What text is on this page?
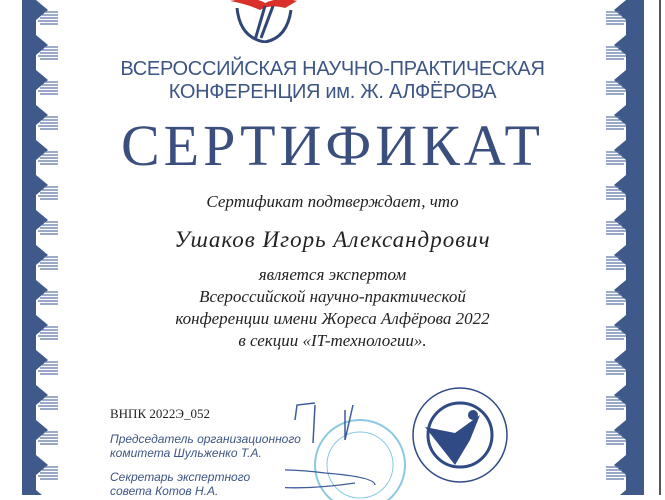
ВСЕРОССИЙСКАЯ НАУЧНО-ПРАКТИЧЕСКАЯ
КОНФЕРЕНЦИЯ им. Ж. АЛФЁРОВА
СЕРТИФИКАТ
Сертификат подтверждает, что
Ушаков Игорь Александрович
является экспертом
Всероссийской научно-практической
конференции имени Жореса Алфёрова 2022
в секции «IT-технологии».
ВНПК 2022Э_052
Председатель организационного
комитета Шульженко Т.А.
Секретарь экспертного
совета Котов Н.А.
